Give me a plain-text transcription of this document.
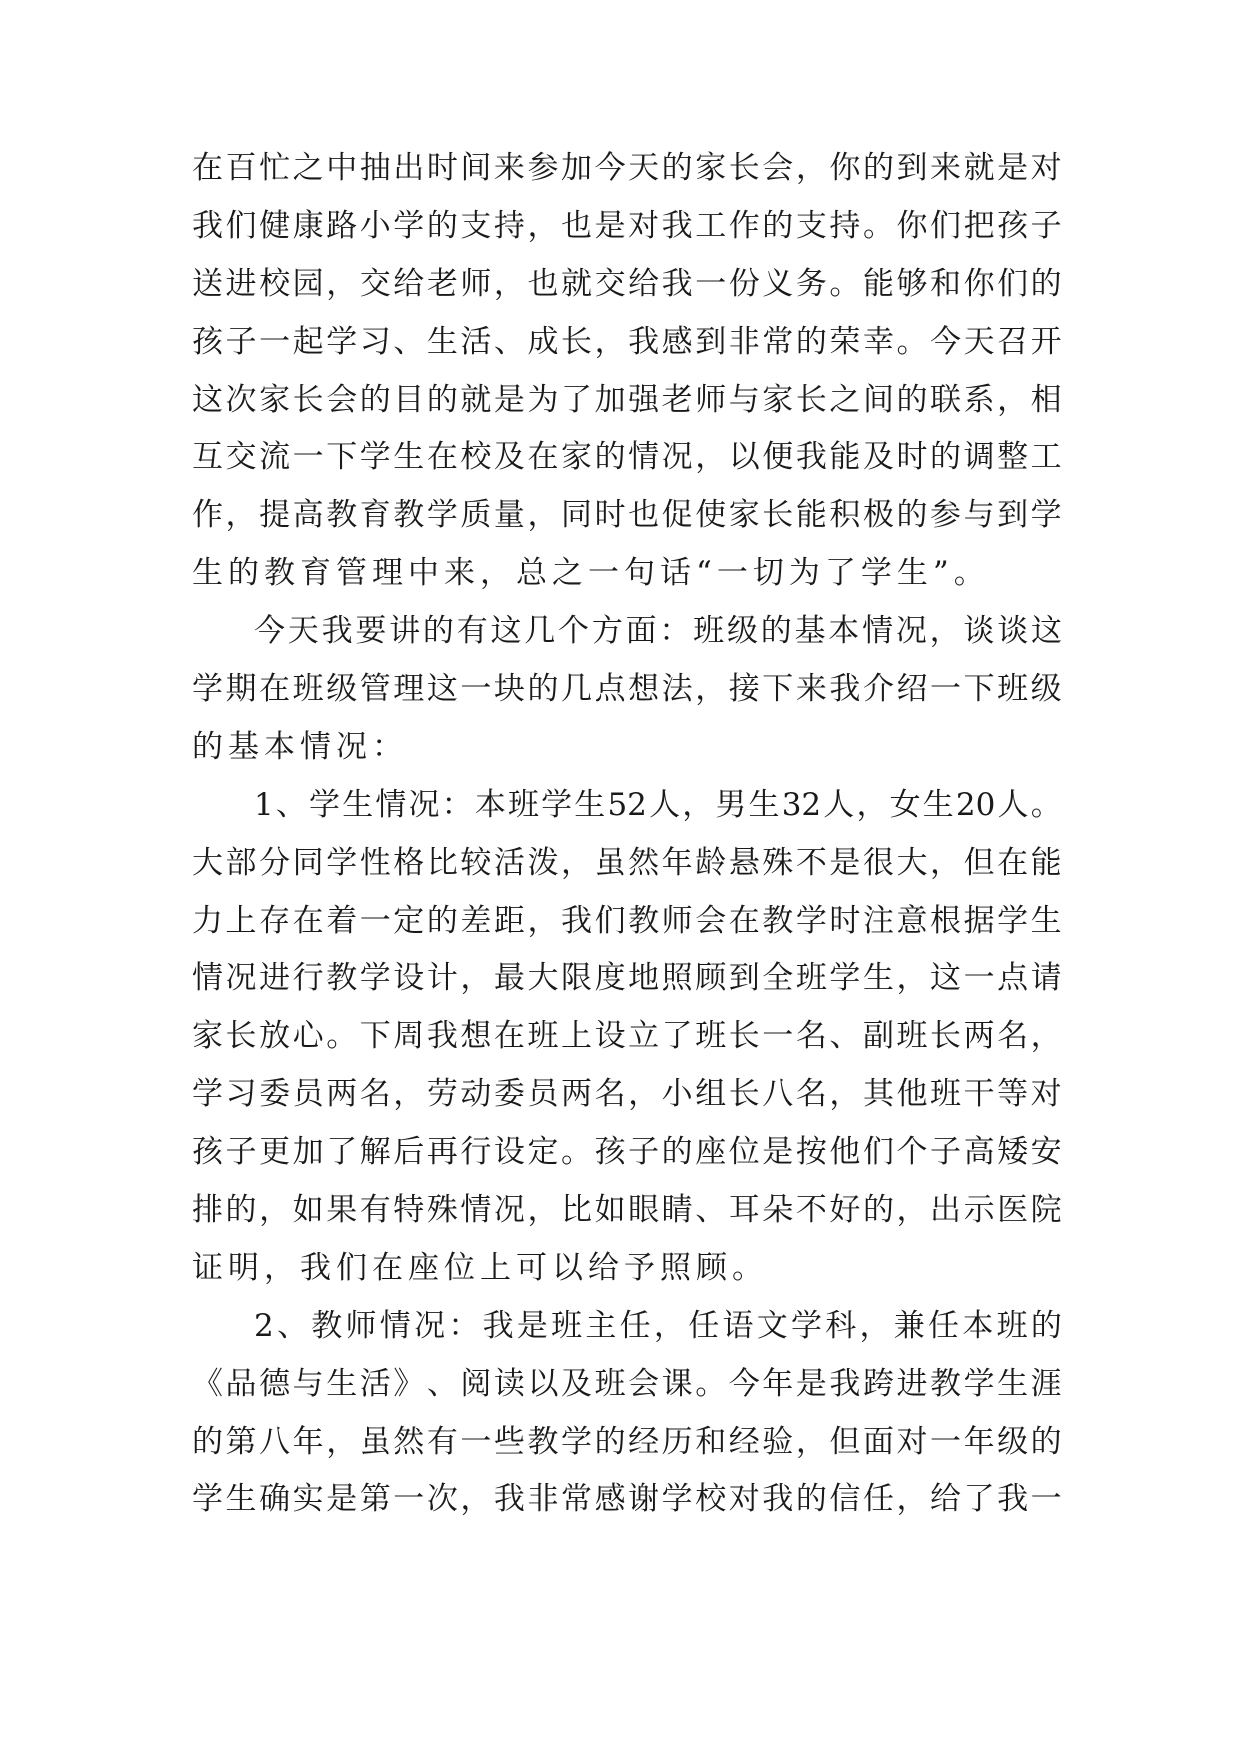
在 百 忙 之 中 抽 出 时 间 来 参 加 今 天 的 家 长 会 ， 你 的 到 来 就 是 对
我 们 健 康 路 小 学 的 支 持 ， 也 是 对 我 工 作 的 支 持 。 你 们 把 孩 子
送 进 校 园 ， 交 给 老 师 ， 也 就 交 给 我 一 份 义 务 。 能 够 和 你 们 的
孩 子 一 起 学 习 、 生 活 、 成 长 ， 我 感 到 非 常 的 荣 幸 。 今 天 召 开
这 次 家 长 会 的 目 的 就 是 为 了 加 强 老 师 与 家 长 之 间 的 联 系 ， 相
互 交 流 一 下 学 生 在 校 及 在 家 的 情 况 ， 以 便 我 能 及 时 的 调 整 工
作 ， 提 高 教 育 教 学 质 量 ， 同 时 也 促 使 家 长 能 积 极 的 参 与 到 学
生的教育管理中来，总之一句话“一切为了学生”。
今 天 我 要 讲 的 有 这 几 个 方 面 ： 班 级 的 基 本 情 况 ， 谈 谈 这
学 期 在 班 级 管 理 这 一 块 的 几 点 想 法 ， 接 下 来 我 介 绍 一 下 班 级
的基本情况：
1 、 学 生 情 况 ： 本 班 学 生 52 人 ， 男 生 32 人 ， 女 生 20 人 。
大 部 分 同 学 性 格 比 较 活 泼 ， 虽 然 年 龄 悬 殊 不 是 很 大 ， 但 在 能
力 上 存 在 着 一 定 的 差 距 ， 我 们 教 师 会 在 教 学 时 注 意 根 据 学 生
情 况 进 行 教 学 设 计 ， 最 大 限 度 地 照 顾 到 全 班 学 生 ， 这 一 点 请
家 长 放 心 。 下 周 我 想 在 班 上 设 立 了 班 长 一 名 、 副 班 长 两 名 ，
学 习 委 员 两 名 ， 劳 动 委 员 两 名 ， 小 组 长 八 名 ， 其 他 班 干 等 对
孩 子 更 加 了 解 后 再 行 设 定 。 孩 子 的 座 位 是 按 他 们 个 子 高 矮 安
排 的 ， 如 果 有 特 殊 情 况 ， 比 如 眼 睛 、 耳 朵 不 好 的 ， 出 示 医 院
证明，我们在座位上可以给予照顾。
2 、 教 师 情 况 ： 我 是 班 主 任 ， 任 语 文 学 科 ， 兼 任 本 班 的
《 品 德 与 生 活 》 、 阅 读 以 及 班 会 课 。 今 年 是 我 跨 进 教 学 生 涯
的 第 八 年 ， 虽 然 有 一 些 教 学 的 经 历 和 经 验 ， 但 面 对 一 年 级 的
学 生 确 实 是 第 一 次 ， 我 非 常 感 谢 学 校 对 我 的 信 任 ， 给 了 我 一
